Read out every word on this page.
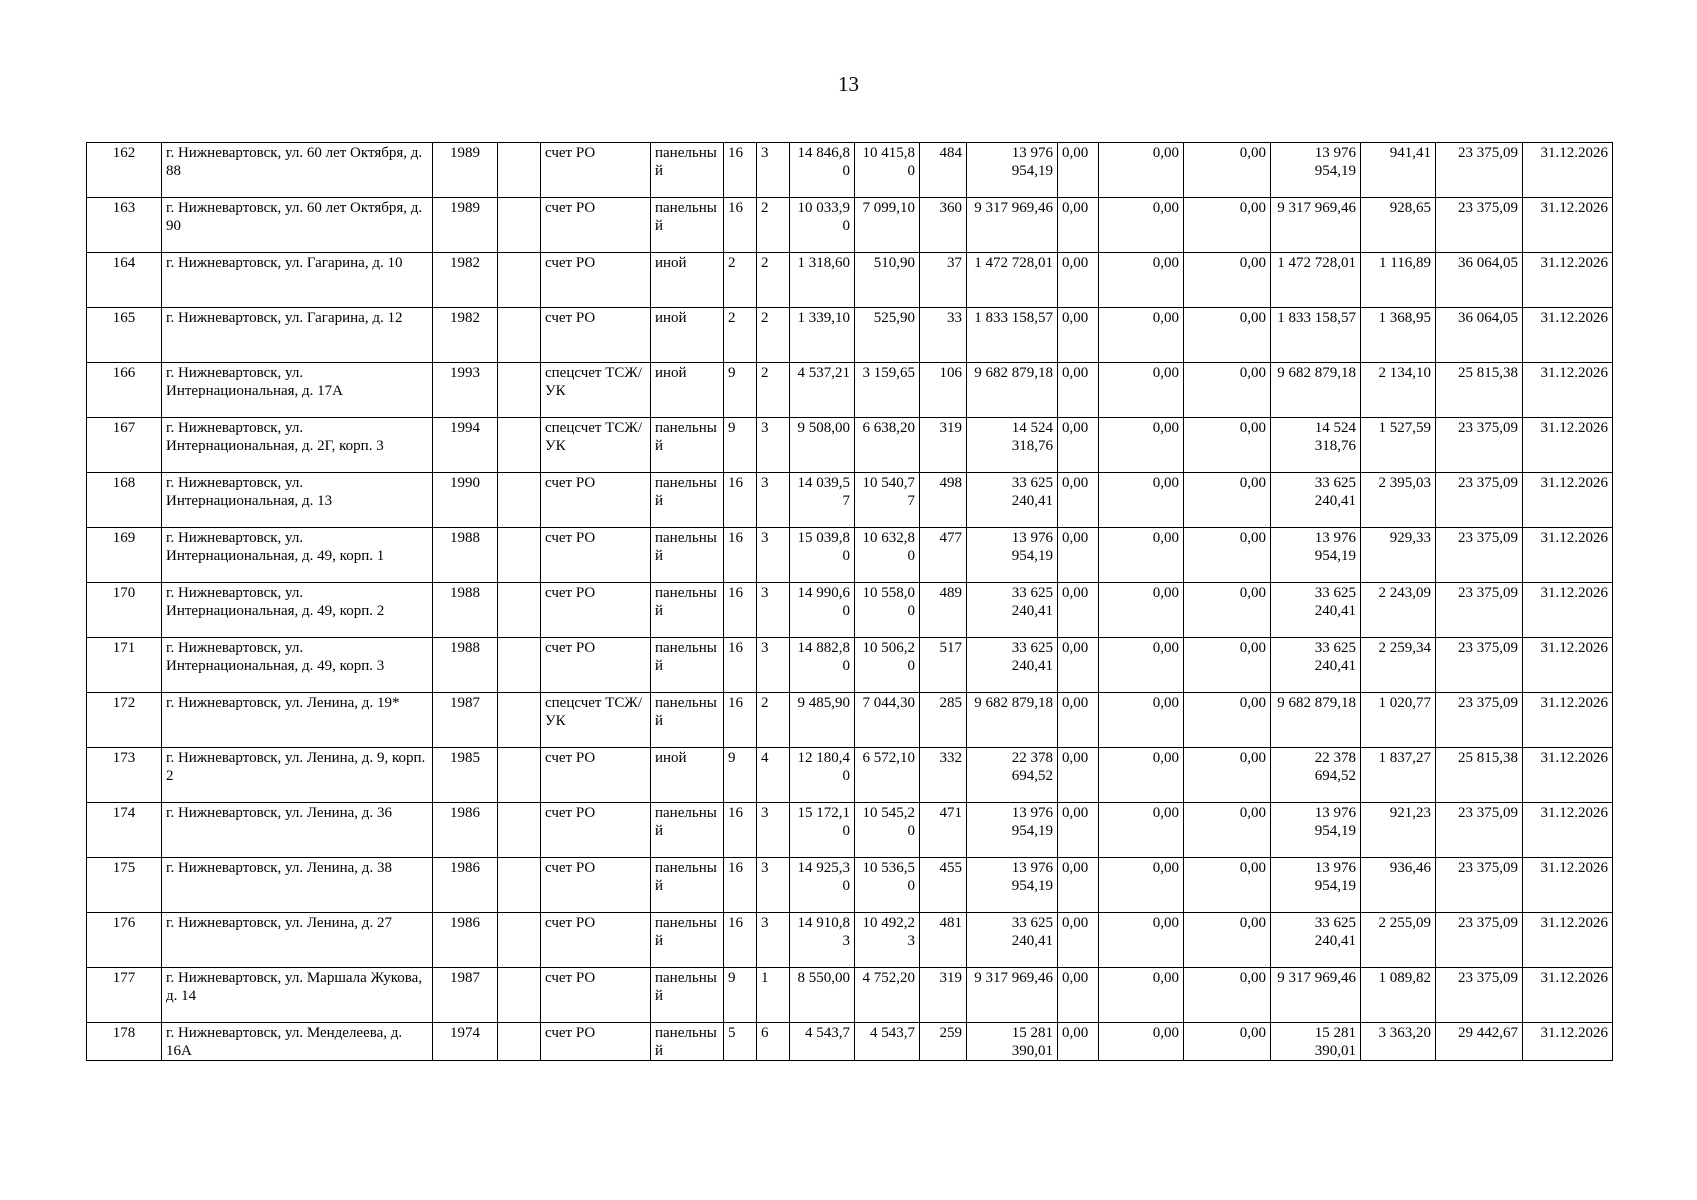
13
162	г. Нижневартовск, ул. 60 лет Октября, д. 88	1989		счет РО	панельный	16	3	14 846,80	10 415,80	484	13 976 954,19	0,00	0,00	0,00	13 976 954,19	941,41	23 375,09	31.12.2026
163	г. Нижневартовск, ул. 60 лет Октября, д. 90	1989		счет РО	панельный	16	2	10 033,90	7 099,10	360	9 317 969,46	0,00	0,00	0,00	9 317 969,46	928,65	23 375,09	31.12.2026
164	г. Нижневартовск, ул. Гагарина, д. 10	1982		счет РО	иной	2	2	1 318,60	510,90	37	1 472 728,01	0,00	0,00	0,00	1 472 728,01	1 116,89	36 064,05	31.12.2026
165	г. Нижневартовск, ул. Гагарина, д. 12	1982		счет РО	иной	2	2	1 339,10	525,90	33	1 833 158,57	0,00	0,00	0,00	1 833 158,57	1 368,95	36 064,05	31.12.2026
166	г. Нижневартовск, ул. Интернациональная, д. 17А	1993		спецсчет ТСЖ/УК	иной	9	2	4 537,21	3 159,65	106	9 682 879,18	0,00	0,00	0,00	9 682 879,18	2 134,10	25 815,38	31.12.2026
167	г. Нижневартовск, ул. Интернациональная, д. 2Г, корп. 3	1994		спецсчет ТСЖ/УК	панельный	9	3	9 508,00	6 638,20	319	14 524 318,76	0,00	0,00	0,00	14 524 318,76	1 527,59	23 375,09	31.12.2026
168	г. Нижневартовск, ул. Интернациональная, д. 13	1990		счет РО	панельный	16	3	14 039,57	10 540,77	498	33 625 240,41	0,00	0,00	0,00	33 625 240,41	2 395,03	23 375,09	31.12.2026
169	г. Нижневартовск, ул. Интернациональная, д. 49, корп. 1	1988		счет РО	панельный	16	3	15 039,80	10 632,80	477	13 976 954,19	0,00	0,00	0,00	13 976 954,19	929,33	23 375,09	31.12.2026
170	г. Нижневартовск, ул. Интернациональная, д. 49, корп. 2	1988		счет РО	панельный	16	3	14 990,60	10 558,00	489	33 625 240,41	0,00	0,00	0,00	33 625 240,41	2 243,09	23 375,09	31.12.2026
171	г. Нижневартовск, ул. Интернациональная, д. 49, корп. 3	1988		счет РО	панельный	16	3	14 882,80	10 506,20	517	33 625 240,41	0,00	0,00	0,00	33 625 240,41	2 259,34	23 375,09	31.12.2026
172	г. Нижневартовск, ул. Ленина, д. 19*	1987		спецсчет ТСЖ/УК	панельный	16	2	9 485,90	7 044,30	285	9 682 879,18	0,00	0,00	0,00	9 682 879,18	1 020,77	23 375,09	31.12.2026
173	г. Нижневартовск, ул. Ленина, д. 9, корп. 2	1985		счет РО	иной	9	4	12 180,40	6 572,10	332	22 378 694,52	0,00	0,00	0,00	22 378 694,52	1 837,27	25 815,38	31.12.2026
174	г. Нижневартовск, ул. Ленина, д. 36	1986		счет РО	панельный	16	3	15 172,10	10 545,20	471	13 976 954,19	0,00	0,00	0,00	13 976 954,19	921,23	23 375,09	31.12.2026
175	г. Нижневартовск, ул. Ленина, д. 38	1986		счет РО	панельный	16	3	14 925,30	10 536,50	455	13 976 954,19	0,00	0,00	0,00	13 976 954,19	936,46	23 375,09	31.12.2026
176	г. Нижневартовск, ул. Ленина, д. 27	1986		счет РО	панельный	16	3	14 910,83	10 492,23	481	33 625 240,41	0,00	0,00	0,00	33 625 240,41	2 255,09	23 375,09	31.12.2026
177	г. Нижневартовск, ул. Маршала Жукова, д. 14	1987		счет РО	панельный	9	1	8 550,00	4 752,20	319	9 317 969,46	0,00	0,00	0,00	9 317 969,46	1 089,82	23 375,09	31.12.2026
178	г. Нижневартовск, ул. Менделеева, д. 16А	1974		счет РО	панельный	5	6	4 543,7	4 543,7	259	15 281 390,01	0,00	0,00	0,00	15 281 390,01	3 363,20	29 442,67	31.12.2026
